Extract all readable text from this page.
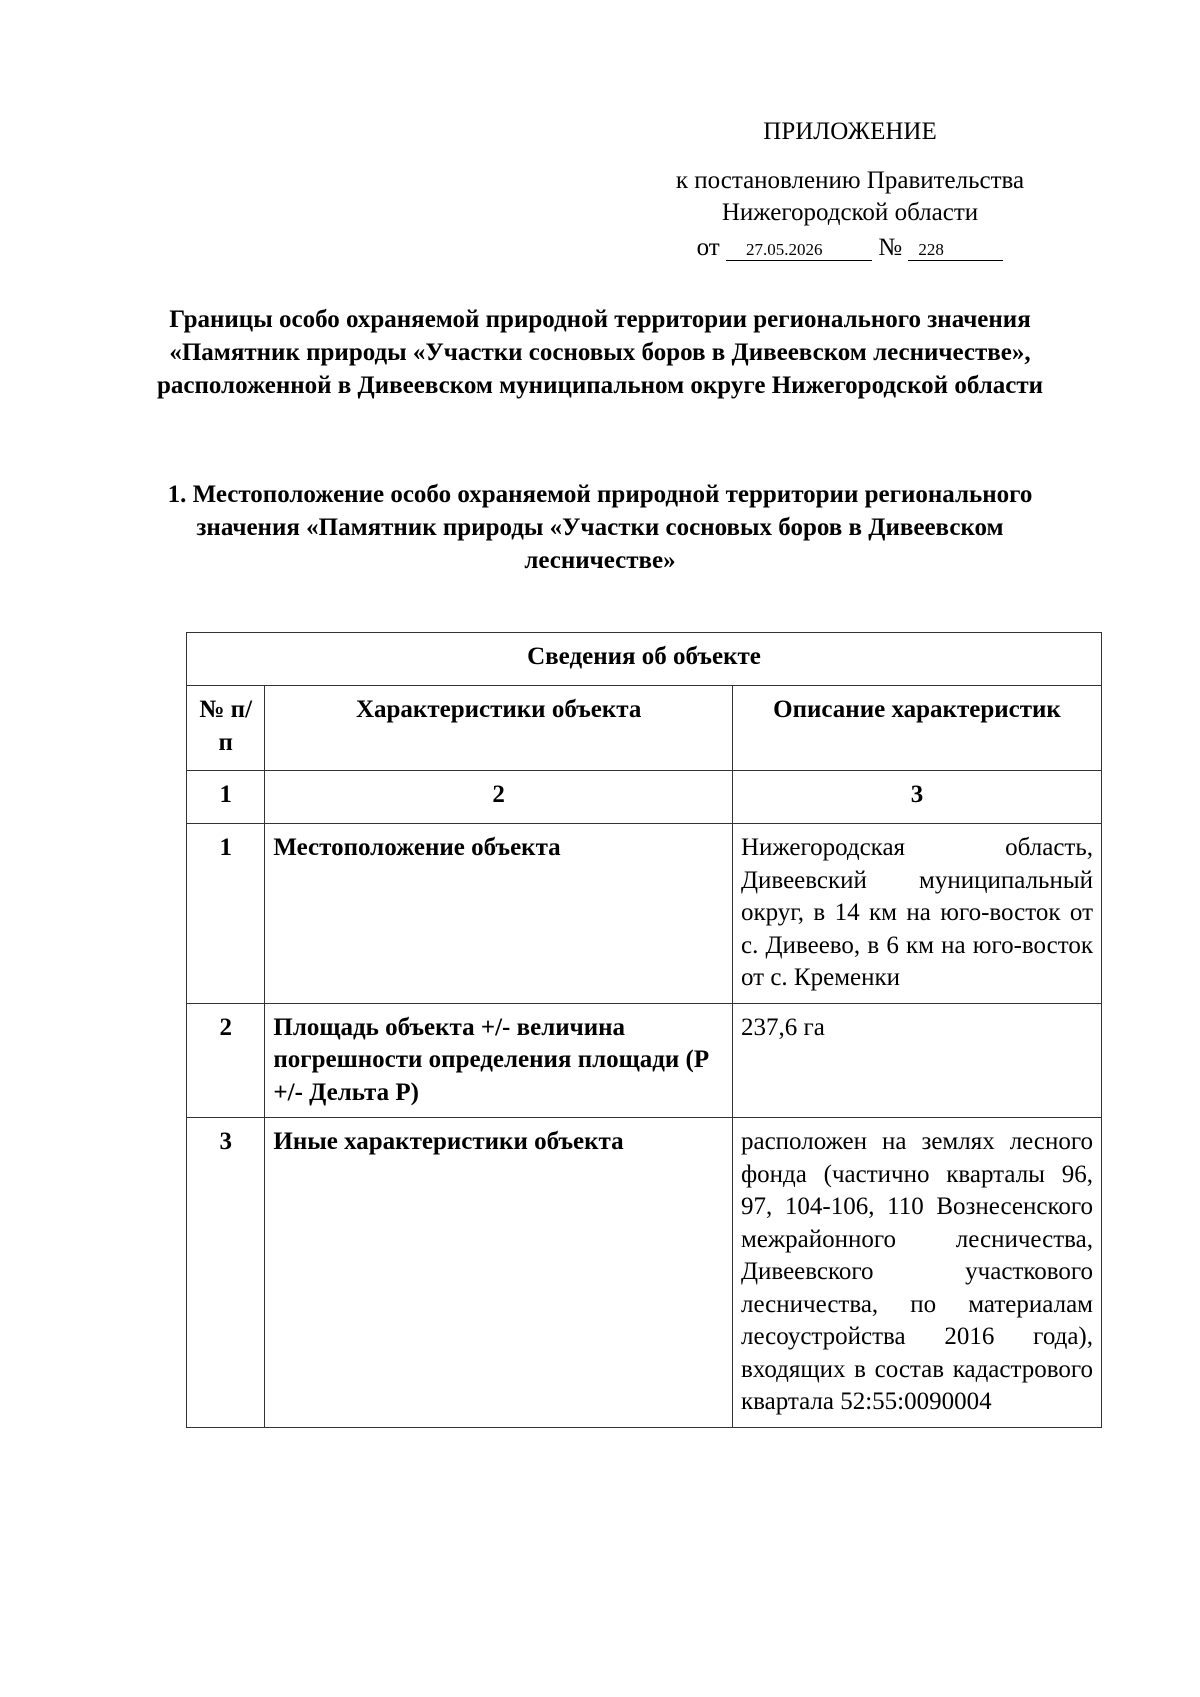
ПРИЛОЖЕНИЕ
к постановлению Правительства
Нижегородской области
от 27.05.2026 № 228
Границы особо охраняемой природной территории регионального значения «Памятник природы «Участки сосновых боров в Дивеевском лесничестве», расположенной в Дивеевском муниципальном округе Нижегородской области
1. Местоположение особо охраняемой природной территории регионального значения «Памятник природы «Участки сосновых боров в Дивеевском лесничестве»
Сведения об объекте		
№ п/п	Характеристики объекта	Описание характеристик
1	2	3
1	Местоположение объекта	Нижегородская область, Дивеевский муниципальный округ, в 14 км на юго-восток от с. Дивеево, в 6 км на юго-восток от с. Кременки
2	Площадь объекта +/- величина погрешности определения площади (P +/- Дельта P)	237,6 га
3	Иные характеристики объекта	расположен на землях лесного фонда (частично кварталы 96, 97, 104-106, 110 Вознесенского межрайонного лесничества, Дивеевского участкового лесничества, по материалам лесоустройства 2016 года), входящих в состав кадастрового квартала 52:55:0090004
